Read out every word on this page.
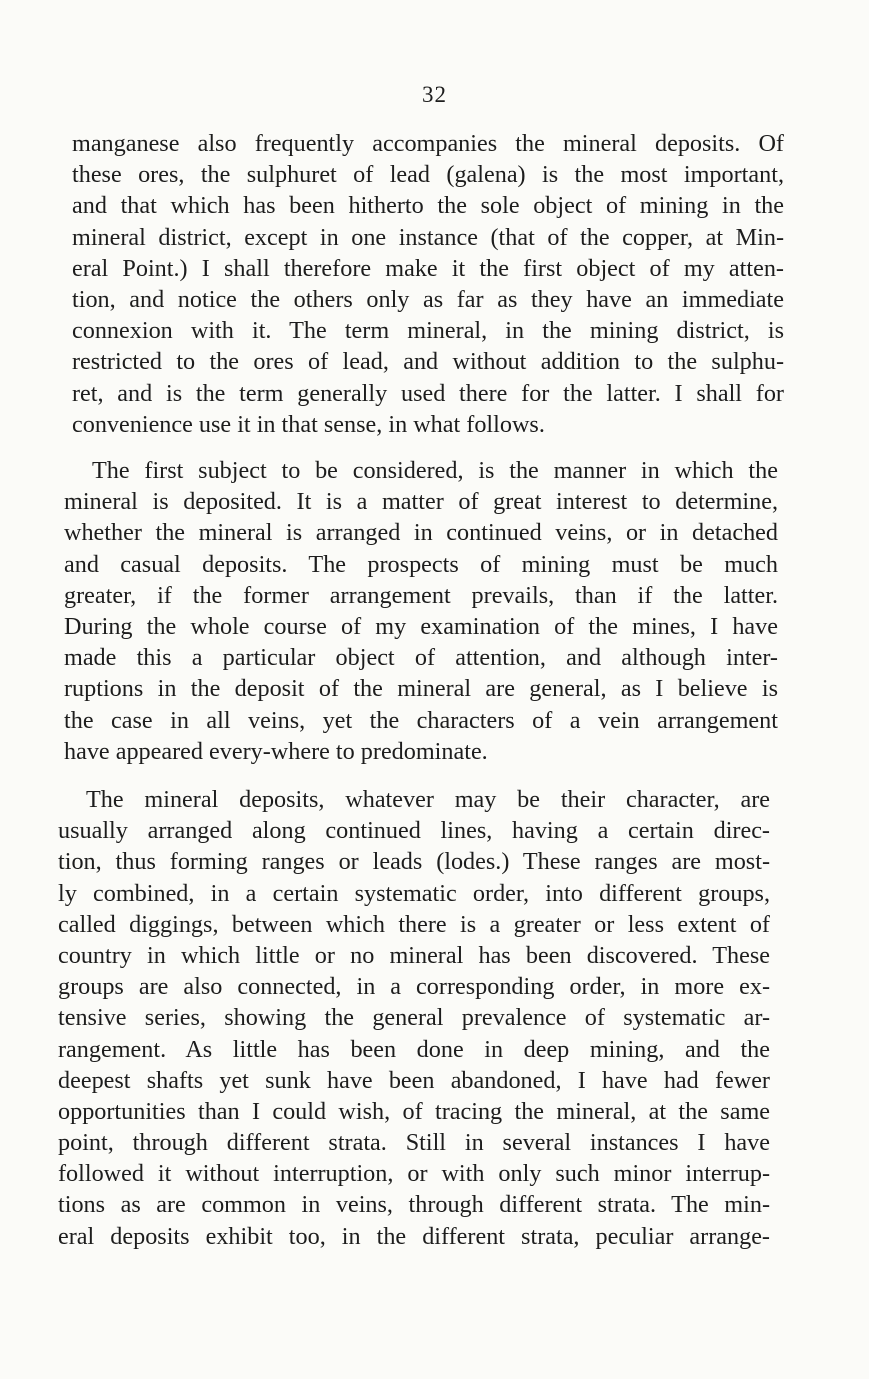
32
manganese also frequently accompanies the mineral deposits. Of
these ores, the sulphuret of lead (galena) is the most important,
and that which has been hitherto the sole object of mining in the
mineral district, except in one instance (that of the copper, at Min-
eral Point.) I shall therefore make it the first object of my atten-
tion, and notice the others only as far as they have an immediate
connexion with it. The term mineral, in the mining district, is
restricted to the ores of lead, and without addition to the sulphu-
ret, and is the term generally used there for the latter. I shall for
convenience use it in that sense, in what follows.
The first subject to be considered, is the manner in which the
mineral is deposited. It is a matter of great interest to determine,
whether the mineral is arranged in continued veins, or in detached
and casual deposits. The prospects of mining must be much
greater, if the former arrangement prevails, than if the latter.
During the whole course of my examination of the mines, I have
made this a particular object of attention, and although inter-
ruptions in the deposit of the mineral are general, as I believe is
the case in all veins, yet the characters of a vein arrangement
have appeared every-where to predominate.
The mineral deposits, whatever may be their character, are
usually arranged along continued lines, having a certain direc-
tion, thus forming ranges or leads (lodes.) These ranges are most-
ly combined, in a certain systematic order, into different groups,
called diggings, between which there is a greater or less extent of
country in which little or no mineral has been discovered. These
groups are also connected, in a corresponding order, in more ex-
tensive series, showing the general prevalence of systematic ar-
rangement. As little has been done in deep mining, and the
deepest shafts yet sunk have been abandoned, I have had fewer
opportunities than I could wish, of tracing the mineral, at the same
point, through different strata. Still in several instances I have
followed it without interruption, or with only such minor interrup-
tions as are common in veins, through different strata. The min-
eral deposits exhibit too, in the different strata, peculiar arrange-
